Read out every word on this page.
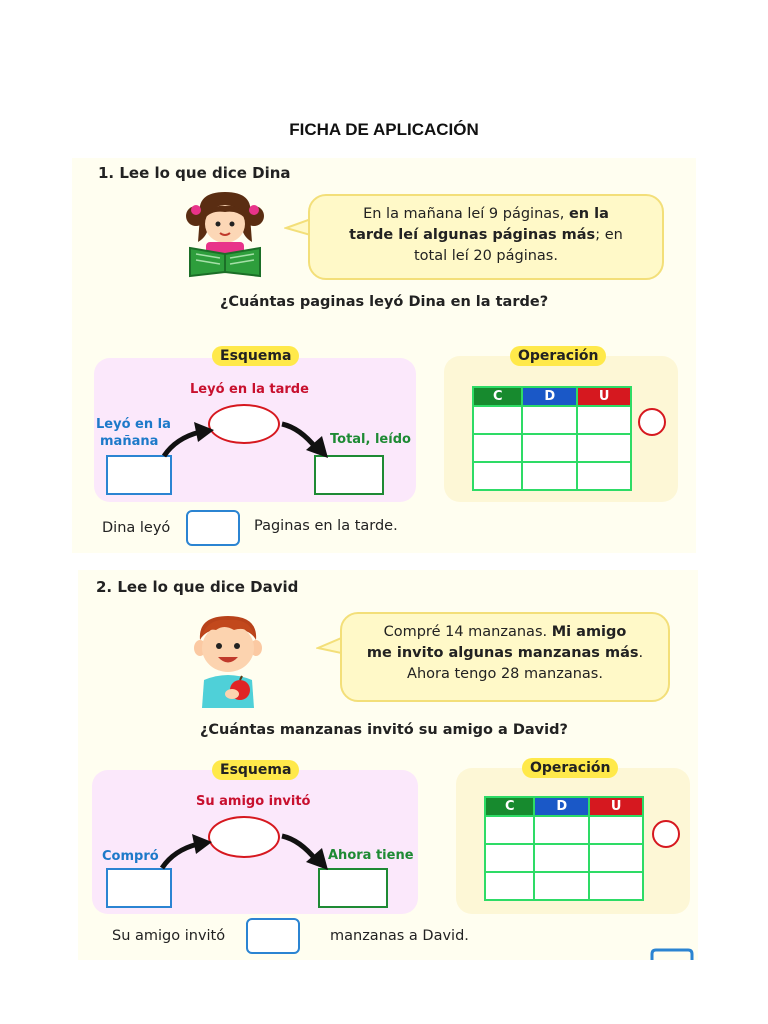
FICHA DE APLICACIÓN
1. Lee lo que dice Dina
En la mañana leí 9 páginas, en la
tarde leí algunas páginas más; en
total leí 20 páginas.
¿Cuántas paginas leyó Dina en la tarde?
Esquema
Leyó en la tarde
Leyó en la
mañana	Total, leído
Operación
C	D	U

Dina leyó	Paginas en la tarde.
2. Lee lo que dice David
Compré 14 manzanas. Mi amigo
me invito algunas manzanas más.
Ahora tengo 28 manzanas.
¿Cuántas manzanas invitó su amigo a David?
Esquema
Su amigo invitó
Compró	Ahora tiene
Operación
C	D	U

Su amigo invitó	manzanas a David.
